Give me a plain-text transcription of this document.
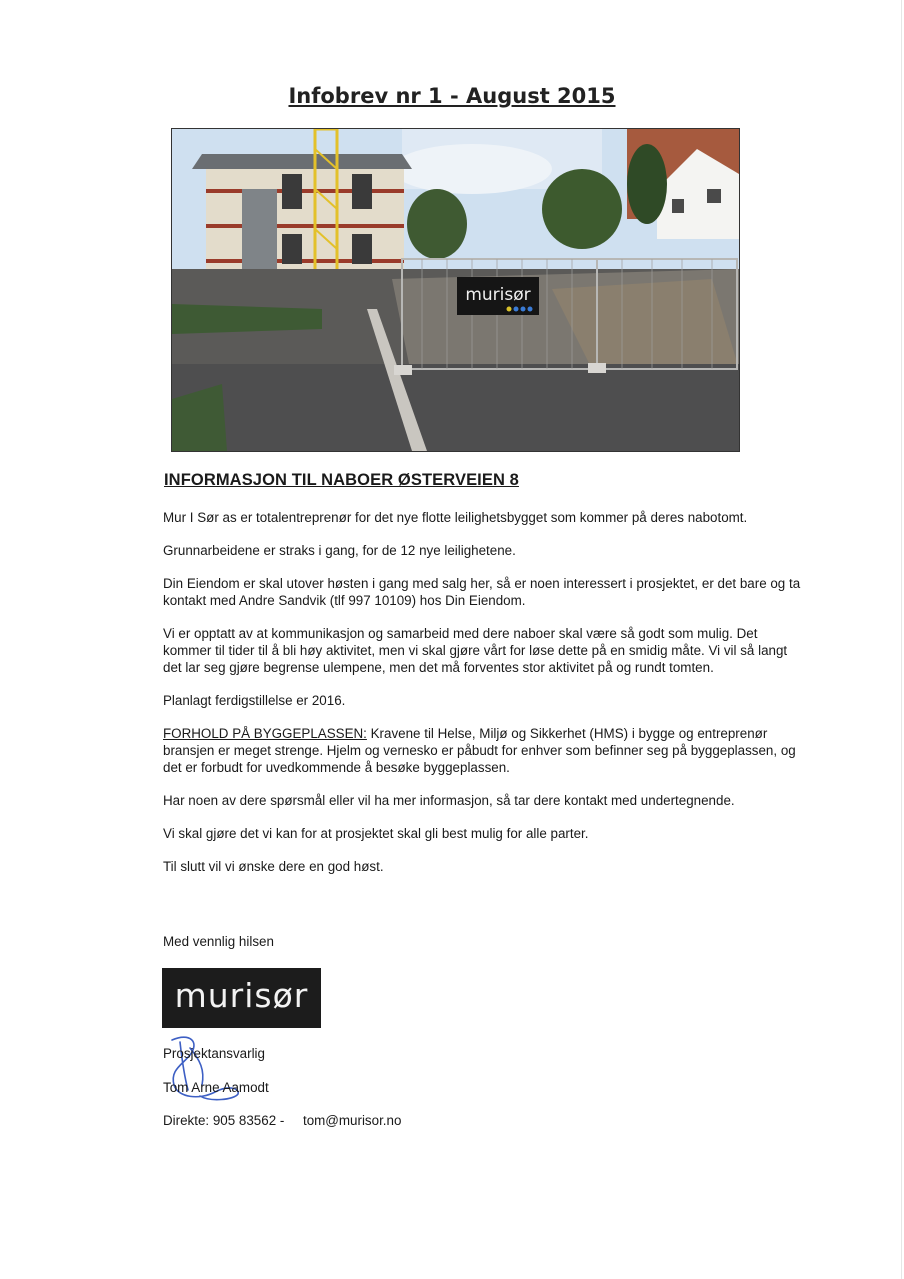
Infobrev nr 1 - August 2015
murisør
INFORMASJON TIL NABOER ØSTERVEIEN 8

Mur I Sør as er totalentreprenør for det nye flotte leilighetsbygget som kommer på deres nabotomt.

Grunnarbeidene er straks i gang, for de 12 nye leilighetene.

Din Eiendom er skal utover høsten i gang med salg her, så er noen interessert i prosjektet, er det bare og ta kontakt med Andre Sandvik (tlf 997 10109) hos Din Eiendom.

Vi er opptatt av at kommunikasjon og samarbeid med dere naboer skal være så godt som mulig. Det kommer til tider til å bli høy aktivitet, men vi skal gjøre vårt for løse dette på en smidig måte. Vi vil så langt det lar seg gjøre begrense ulempene, men det må forventes stor aktivitet på og rundt tomten.

Planlagt ferdigstillelse er 2016.

FORHOLD PÅ BYGGEPLASSEN: Kravene til Helse, Miljø og Sikkerhet (HMS) i bygge og entreprenør bransjen er meget strenge. Hjelm og vernesko er påbudt for enhver som befinner seg på byggeplassen, og det er forbudt for uvedkommende å besøke byggeplassen.

Har noen av dere spørsmål eller vil ha mer informasjon, så tar dere kontakt med undertegnende.

Vi skal gjøre det vi kan for at prosjektet skal gli best mulig for alle parter.

Til slutt vil vi ønske dere en god høst.

Med vennlig hilsen
murisør
Prosjektansvarlig
Tom Arne Aamodt
Direkte: 905 83562 - tom@murisor.no
